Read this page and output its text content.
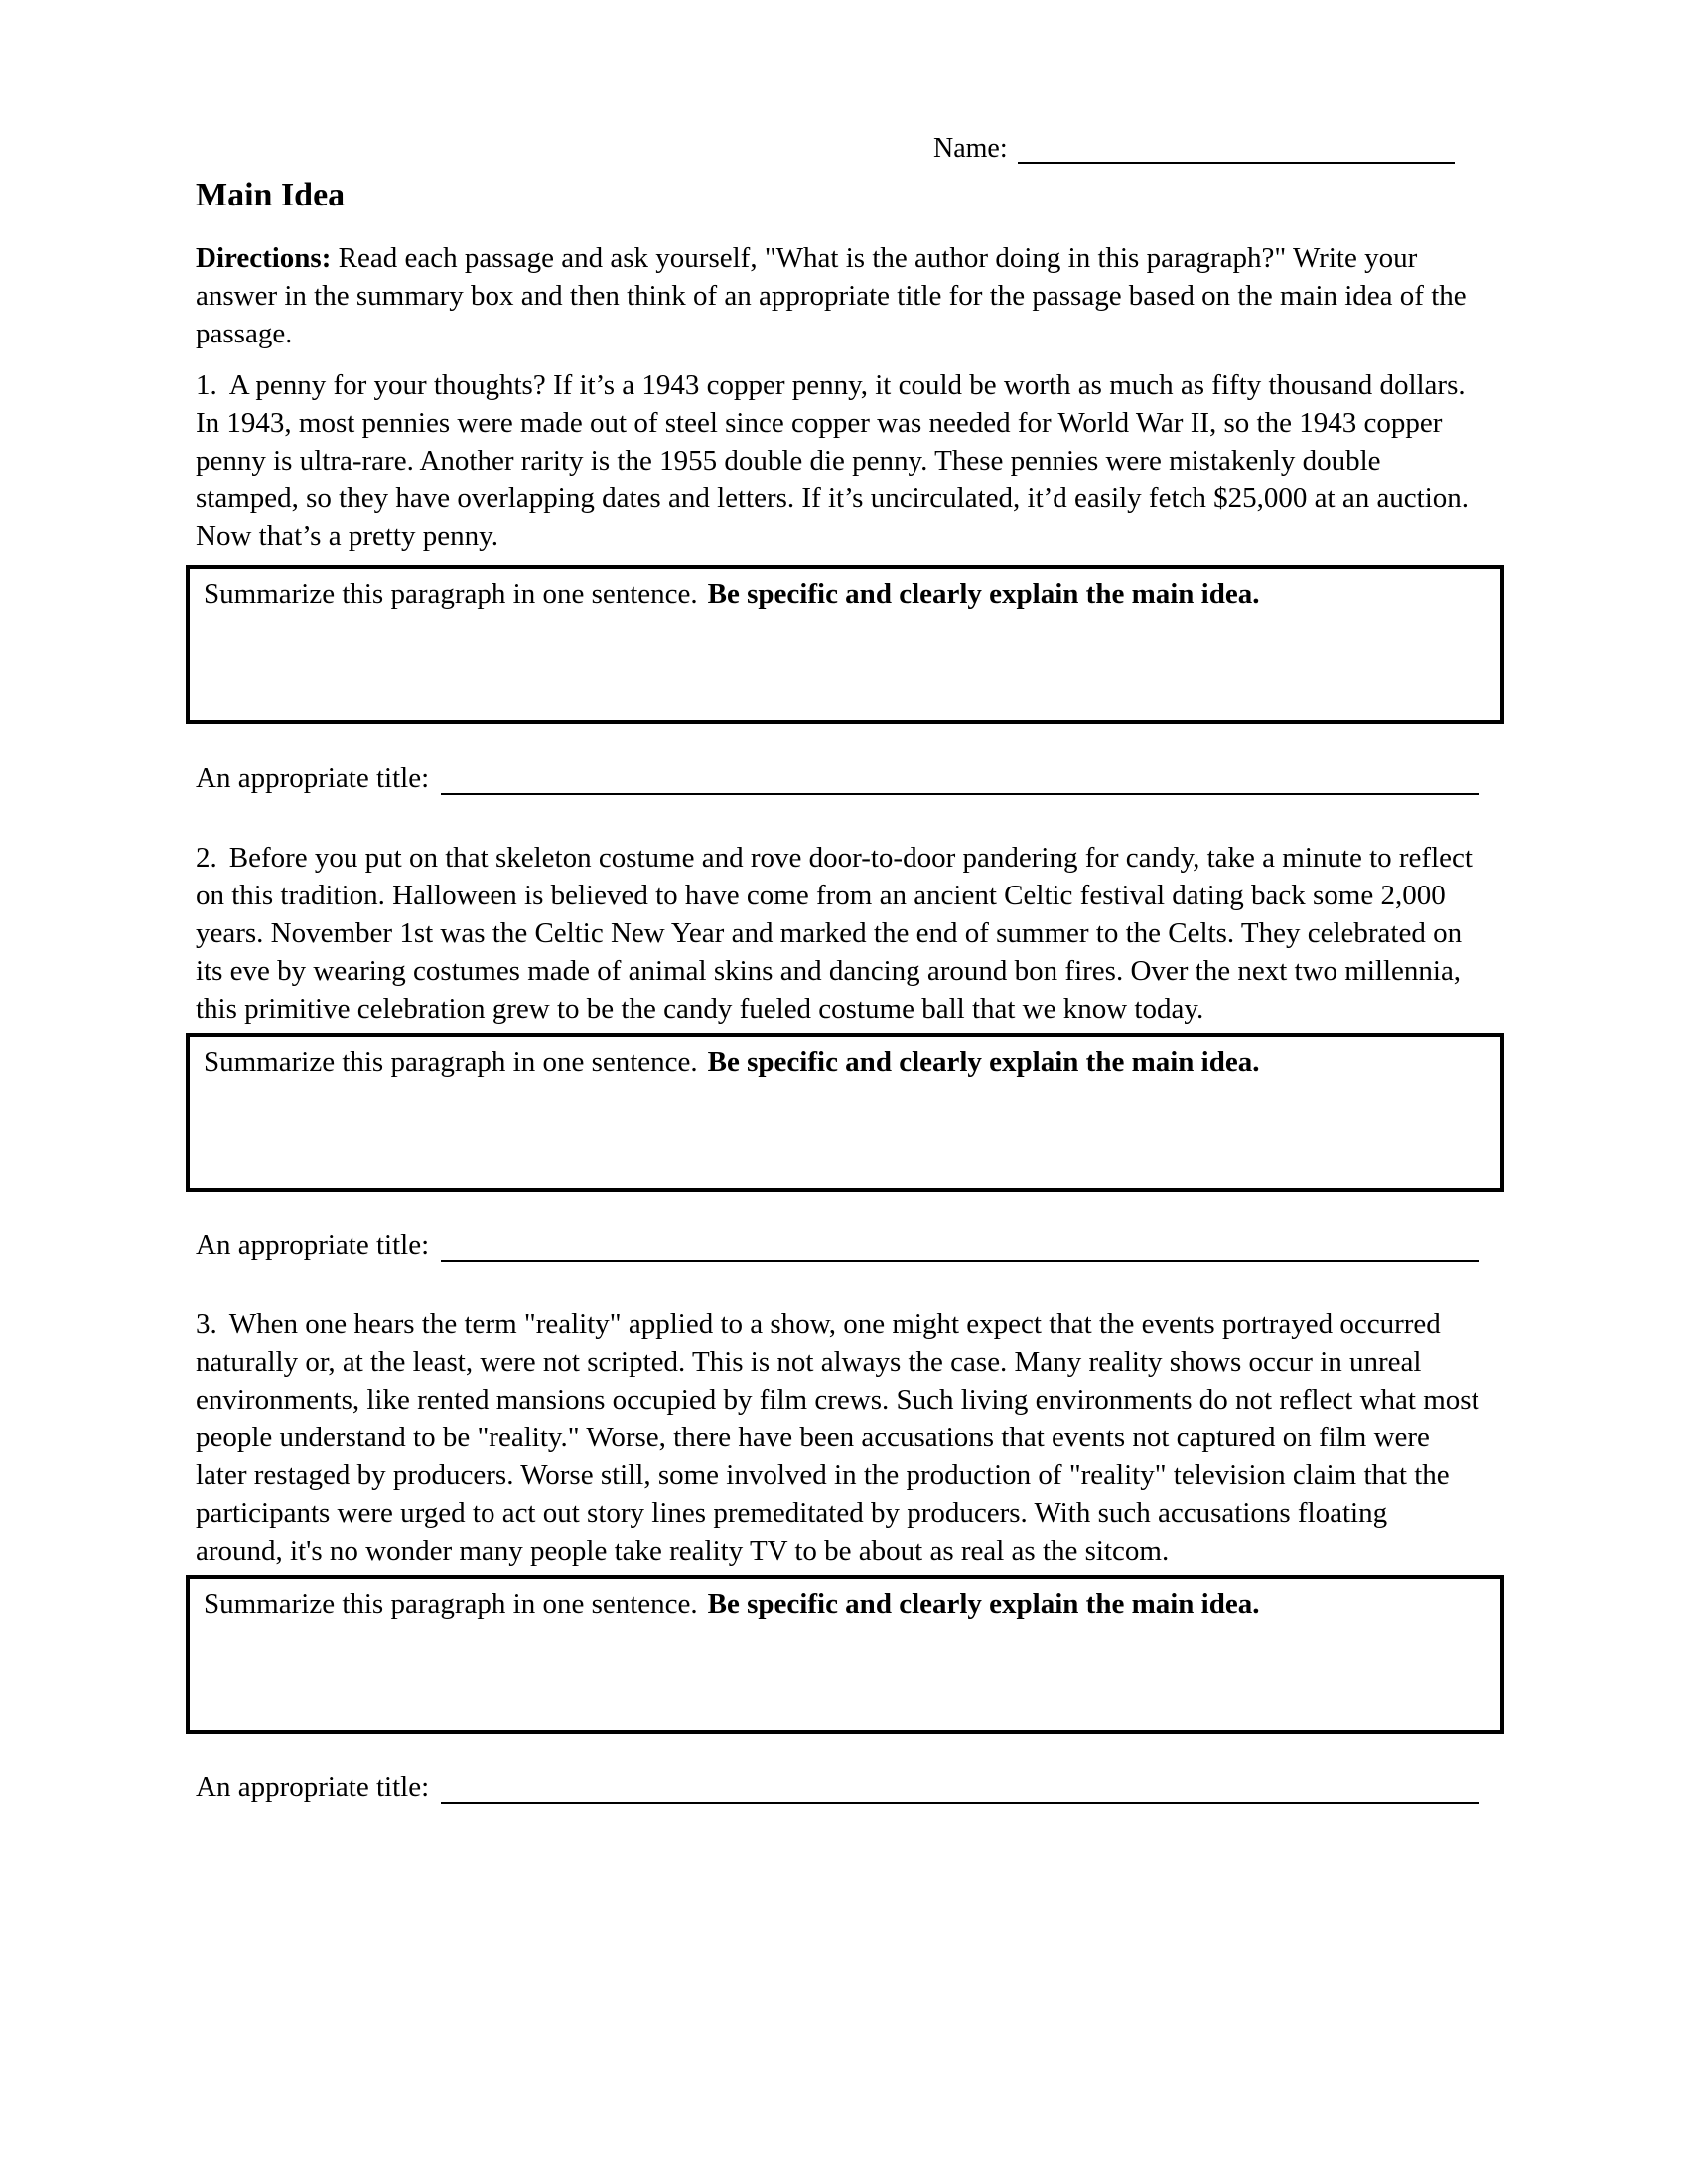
Name:
Main Idea

Directions: Read each passage and ask yourself, "What is the author doing in this paragraph?" Write your answer in the summary box and then think of an appropriate title for the passage based on the main idea of the passage.

1. A penny for your thoughts? If it’s a 1943 copper penny, it could be worth as much as fifty thousand dollars. In 1943, most pennies were made out of steel since copper was needed for World War II, so the 1943 copper penny is ultra-rare. Another rarity is the 1955 double die penny. These pennies were mistakenly double stamped, so they have overlapping dates and letters. If it’s uncirculated, it’d easily fetch $25,000 at an auction. Now that’s a pretty penny.

Summarize this paragraph in one sentence. Be specific and clearly explain the main idea.
An appropriate title:

2. Before you put on that skeleton costume and rove door-to-door pandering for candy, take a minute to reflect on this tradition. Halloween is believed to have come from an ancient Celtic festival dating back some 2,000 years. November 1st was the Celtic New Year and marked the end of summer to the Celts. They celebrated on its eve by wearing costumes made of animal skins and dancing around bon fires. Over the next two millennia, this primitive celebration grew to be the candy fueled costume ball that we know today.

Summarize this paragraph in one sentence. Be specific and clearly explain the main idea.
An appropriate title:

3. When one hears the term "reality" applied to a show, one might expect that the events portrayed occurred naturally or, at the least, were not scripted. This is not always the case. Many reality shows occur in unreal environments, like rented mansions occupied by film crews. Such living environments do not reflect what most people understand to be "reality." Worse, there have been accusations that events not captured on film were later restaged by producers. Worse still, some involved in the production of "reality" television claim that the participants were urged to act out story lines premeditated by producers. With such accusations floating around, it's no wonder many people take reality TV to be about as real as the sitcom.

Summarize this paragraph in one sentence. Be specific and clearly explain the main idea.
An appropriate title:
